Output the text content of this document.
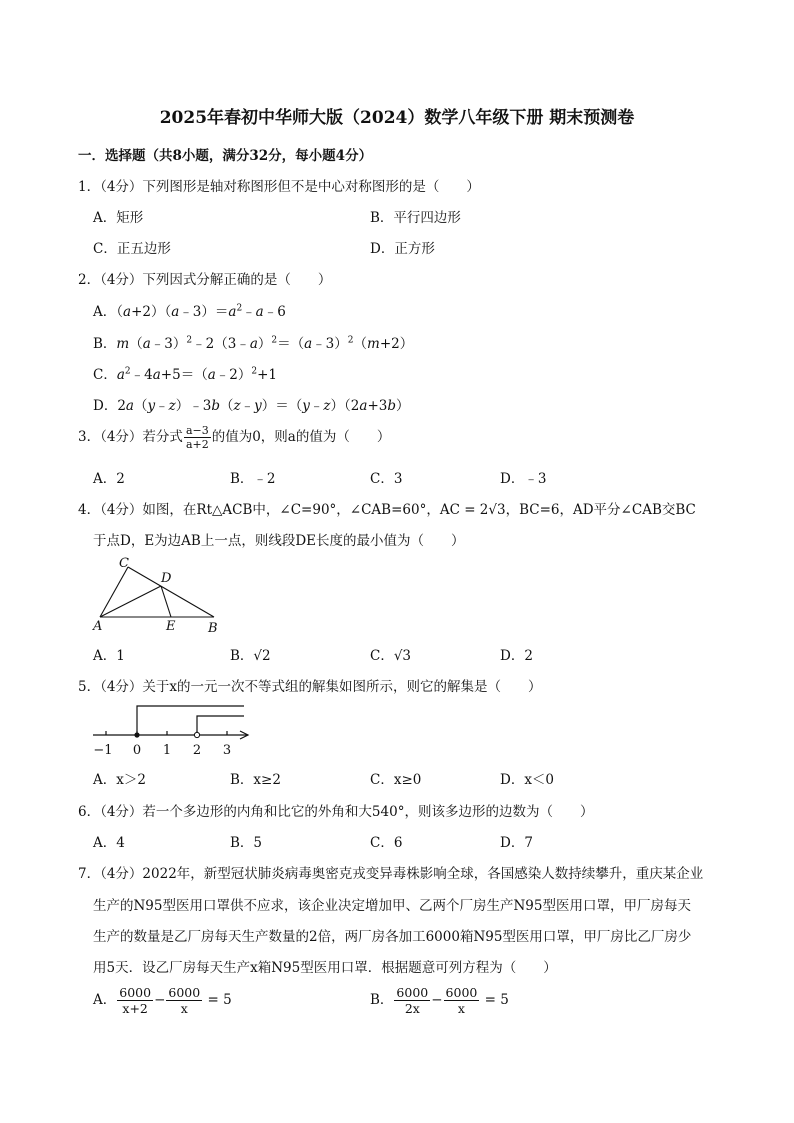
2025年春初中华师大版（2024）数学八年级下册 期末预测卷
一．选择题（共8小题，满分32分，每小题4分）
1．（4分）下列图形是轴对称图形但不是中心对称图形的是（　　）
A．矩形	B．平行四边形
C．正五边形	D．正方形
2．（4分）下列因式分解正确的是（　　）
A．$(a+2)(a﹣3)=a^2﹣a﹣6$
B．m（a﹣3）$^2$﹣2（3﹣a）$^2$＝（a﹣3）$^2$（m+2）
C．$a^2﹣4a+5=(a﹣2)^2+1$
D．2a（y﹣z）﹣3b（z﹣y）＝（y﹣z）（2a+3b）
3．（4分）若分式 $\frac{a-3}{a+2}$ 的值为0，则a的值为（　　）
A．2	B．﹣2	C．3	D．﹣3
4．（4分）如图，在Rt△ACB中，∠C=90°，∠CAB=60°，AC = 2√3，BC=6，AD平分∠CAB交BC
于点D，E为边AB上一点，则线段DE长度的最小值为（　　）
C
D
A	E	B
A．1	B．√2	C．√3	D．2
5．（4分）关于x的一元一次不等式组的解集如图所示，则它的解集是（　　）
−1 0 1 2 3
A．x＞2	B．x≥2	C．x≥0	D．x＜0
6．（4分）若一个多边形的内角和比它的外角和大540°，则该多边形的边数为（　　）
A．4	B．5	C．6	D．7
7．（4分）2022年，新型冠状肺炎病毒奥密克戎变异毒株影响全球，各国感染人数持续攀升，重庆某企业
生产的N95型医用口罩供不应求，该企业决定增加甲、乙两个厂房生产N95型医用口罩，甲厂房每天
生产的数量是乙厂房每天生产数量的2倍，两厂房各加工6000箱N95型医用口罩，甲厂房比乙厂房少
用5天．设乙厂房每天生产x箱N95型医用口罩．根据题意可列方程为（　　）
A． $\frac{6000}{x+2} - \frac{6000}{x} = 5$	B． $\frac{6000}{2x} - \frac{6000}{x} = 5$
